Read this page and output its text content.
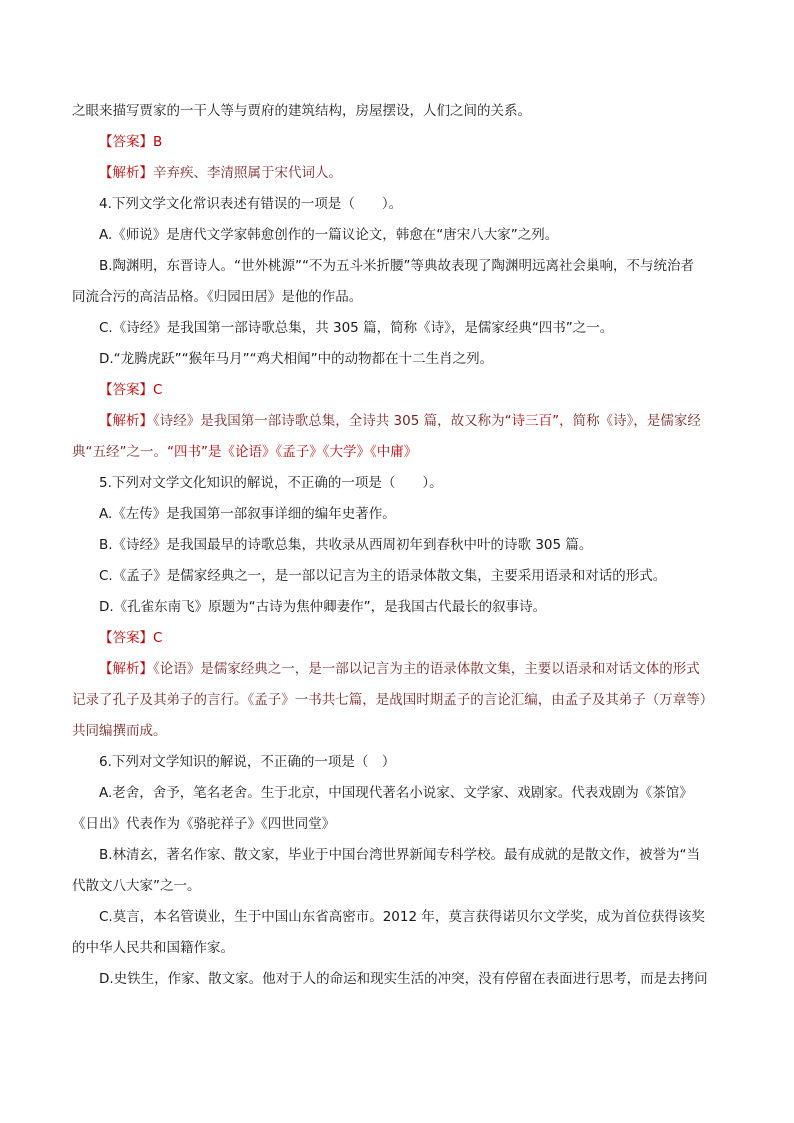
之眼来描写贾家的一干人等与贾府的建筑结构，房屋摆设，人们之间的关系。

【答案】B

【解析】辛弃疾、李清照属于宋代词人。

4.下列文学文化常识表述有错误的一项是（　　）。

A.《师说》是唐代文学家韩愈创作的一篇议论文，韩愈在“唐宋八大家”之列。

B.陶渊明，东晋诗人。“世外桃源”“不为五斗米折腰”等典故表现了陶渊明远离社会巢响，不与统治者

同流合污的高洁品格。《归园田居》是他的作品。

C.《诗经》是我国第一部诗歌总集，共 305 篇，简称《诗》，是儒家经典“四书”之一。

D.“龙腾虎跃”“猴年马月”“鸡犬相闻”中的动物都在十二生肖之列。

【答案】C

【解析】《诗经》是我国第一部诗歌总集，全诗共 305 篇，故又称为“诗三百”，简称《诗》，是儒家经

典“五经”之一。“四书”是《论语》《孟子》《大学》《中庸》

5.下列对文学文化知识的解说，不正确的一项是（　　）。

A.《左传》是我国第一部叙事详细的编年史著作。

B.《诗经》是我国最早的诗歌总集，共收录从西周初年到春秋中叶的诗歌 305 篇。

C.《孟子》是儒家经典之一，是一部以记言为主的语录体散文集，主要采用语录和对话的形式。

D.《孔雀东南飞》原题为“古诗为焦仲卿妻作”，是我国古代最长的叙事诗。

【答案】C

【解析】《论语》是儒家经典之一，是一部以记言为主的语录体散文集，主要以语录和对话文体的形式

记录了孔子及其弟子的言行。《孟子》一书共七篇，是战国时期孟子的言论汇编，由孟子及其弟子（万章等）

共同编撰而成。

6.下列对文学知识的解说，不正确的一项是（　）

A.老舍，舍予，笔名老舍。生于北京，中国现代著名小说家、文学家、戏剧家。代表戏剧为《茶馆》

《日出》代表作为《骆驼祥子》《四世同堂》

B.林清玄，著名作家、散文家，毕业于中国台湾世界新闻专科学校。最有成就的是散文作，被誉为“当

代散文八大家”之一。

C.莫言，本名管谟业，生于中国山东省高密市。2012 年，莫言获得诺贝尔文学奖，成为首位获得该奖

的中华人民共和国籍作家。

D.史铁生，作家、散文家。他对于人的命运和现实生活的冲突，没有停留在表面进行思考，而是去拷问
